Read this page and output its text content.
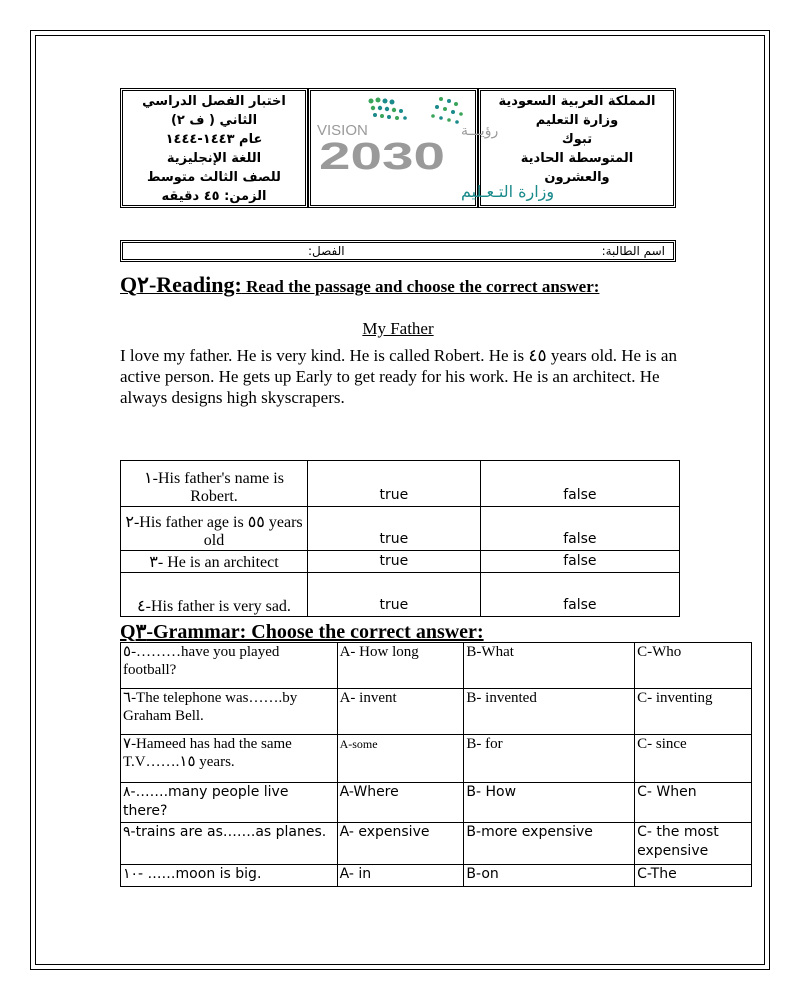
المملكة العربية السعودية

وزارة التعليم

تبوك

المتوسطة الحادية

والعشرون

VISION	رؤيـــة
2030
وزارة التـعـليم

اختبار الفصل الدراسي

الثاني ( ف ٢)

عام ١٤٤٣-١٤٤٤

اللغة الإنجليزية

للصف الثالث متوسط

الزمن: ٤٥ دقيقه

اسم الطالبة:
الفصل:
Q٢-Reading: Read the passage and choose the correct answer:
My Father
I love my father. He is very kind. He is called Robert. He is ٤٥ years old. He is an active person. He gets up Early to get ready for his work. He is an architect. He always designs high skyscrapers.
١-His father's name is Robert.	true	false
٢-His father age is ٥٥ years old	true	false
٣- He is an architect	true	false
٤-His father is very sad.	true	false
Q٣-Grammar: Choose the correct answer:
٥-………have you played football?	A- How long	B-What	C-Who
٦-The telephone was…….by Graham Bell.	A- invent	B- invented	C- inventing
٧-Hameed has had the same T.V…….١٥ years.	A-some	B- for	C- since
٨-…….many people live there?	A-Where	B- How	C- When
٩-trains are as…….as planes.	A- expensive	B-more expensive	C- the most expensive
١٠- ……moon is big.	A- in	B-on	C-The
